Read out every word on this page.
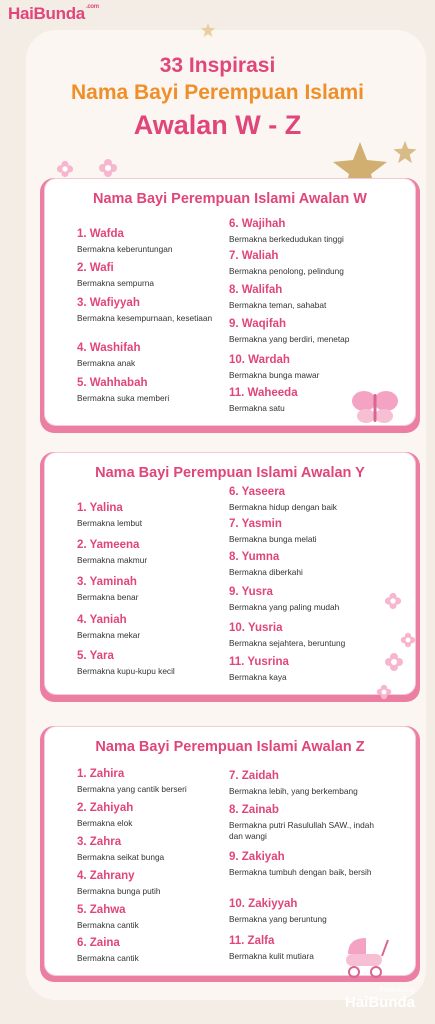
HaiBunda$^{.com}$
33 Inspirasi
Nama Bayi Perempuan Islami
Awalan W - Z
Nama Bayi Perempuan Islami Awalan W
1. Wafda
Bermakna keberuntungan
2. Wafi
Bermakna sempurna
3. Wafiyyah
Bermakna kesempurnaan, kesetiaan
4. Washifah
Bermakna anak
5. Wahhabah
Bermakna suka memberi
6. Wajihah
Bermakna berkedudukan tinggi
7. Waliah
Bermakna penolong, pelindung
8. Walifah
Bermakna teman, sahabat
9. Waqifah
Bermakna yang berdiri, menetap
10. Wardah
Bermakna bunga mawar
11. Waheeda
Bermakna satu
Nama Bayi Perempuan Islami Awalan Y
1. Yalina
Bermakna lembut
2. Yameena
Bermakna makmur
3. Yaminah
Bermakna benar
4. Yaniah
Bermakna mekar
5. Yara
Bermakna kupu-kupu kecil
6. Yaseera
Bermakna hidup dengan baik
7. Yasmin
Bermakna bunga melati
8. Yumna
Bermakna diberkahi
9. Yusra
Bermakna yang paling mudah
10. Yusria
Bermakna sejahtera, beruntung
11. Yusrina
Bermakna kaya
Nama Bayi Perempuan Islami Awalan Z
1. Zahira
Bermakna yang cantik berseri
2. Zahiyah
Bermakna elok
3. Zahra
Bermakna seikat bunga
4. Zahrany
Bermakna bunga putih
5. Zahwa
Bermakna cantik
6. Zaina
Bermakna cantik
7. Zaidah
Bermakna lebih, yang berkembang
8. Zainab
Bermakna putri Rasulullah SAW., indah dan wangi
9. Zakiyah
Bermakna tumbuh dengan baik, bersih
10. Zakiyyah
Bermakna yang beruntung
11. Zalfa
Bermakna kulit mutiara
Presented by
HaiBunda
